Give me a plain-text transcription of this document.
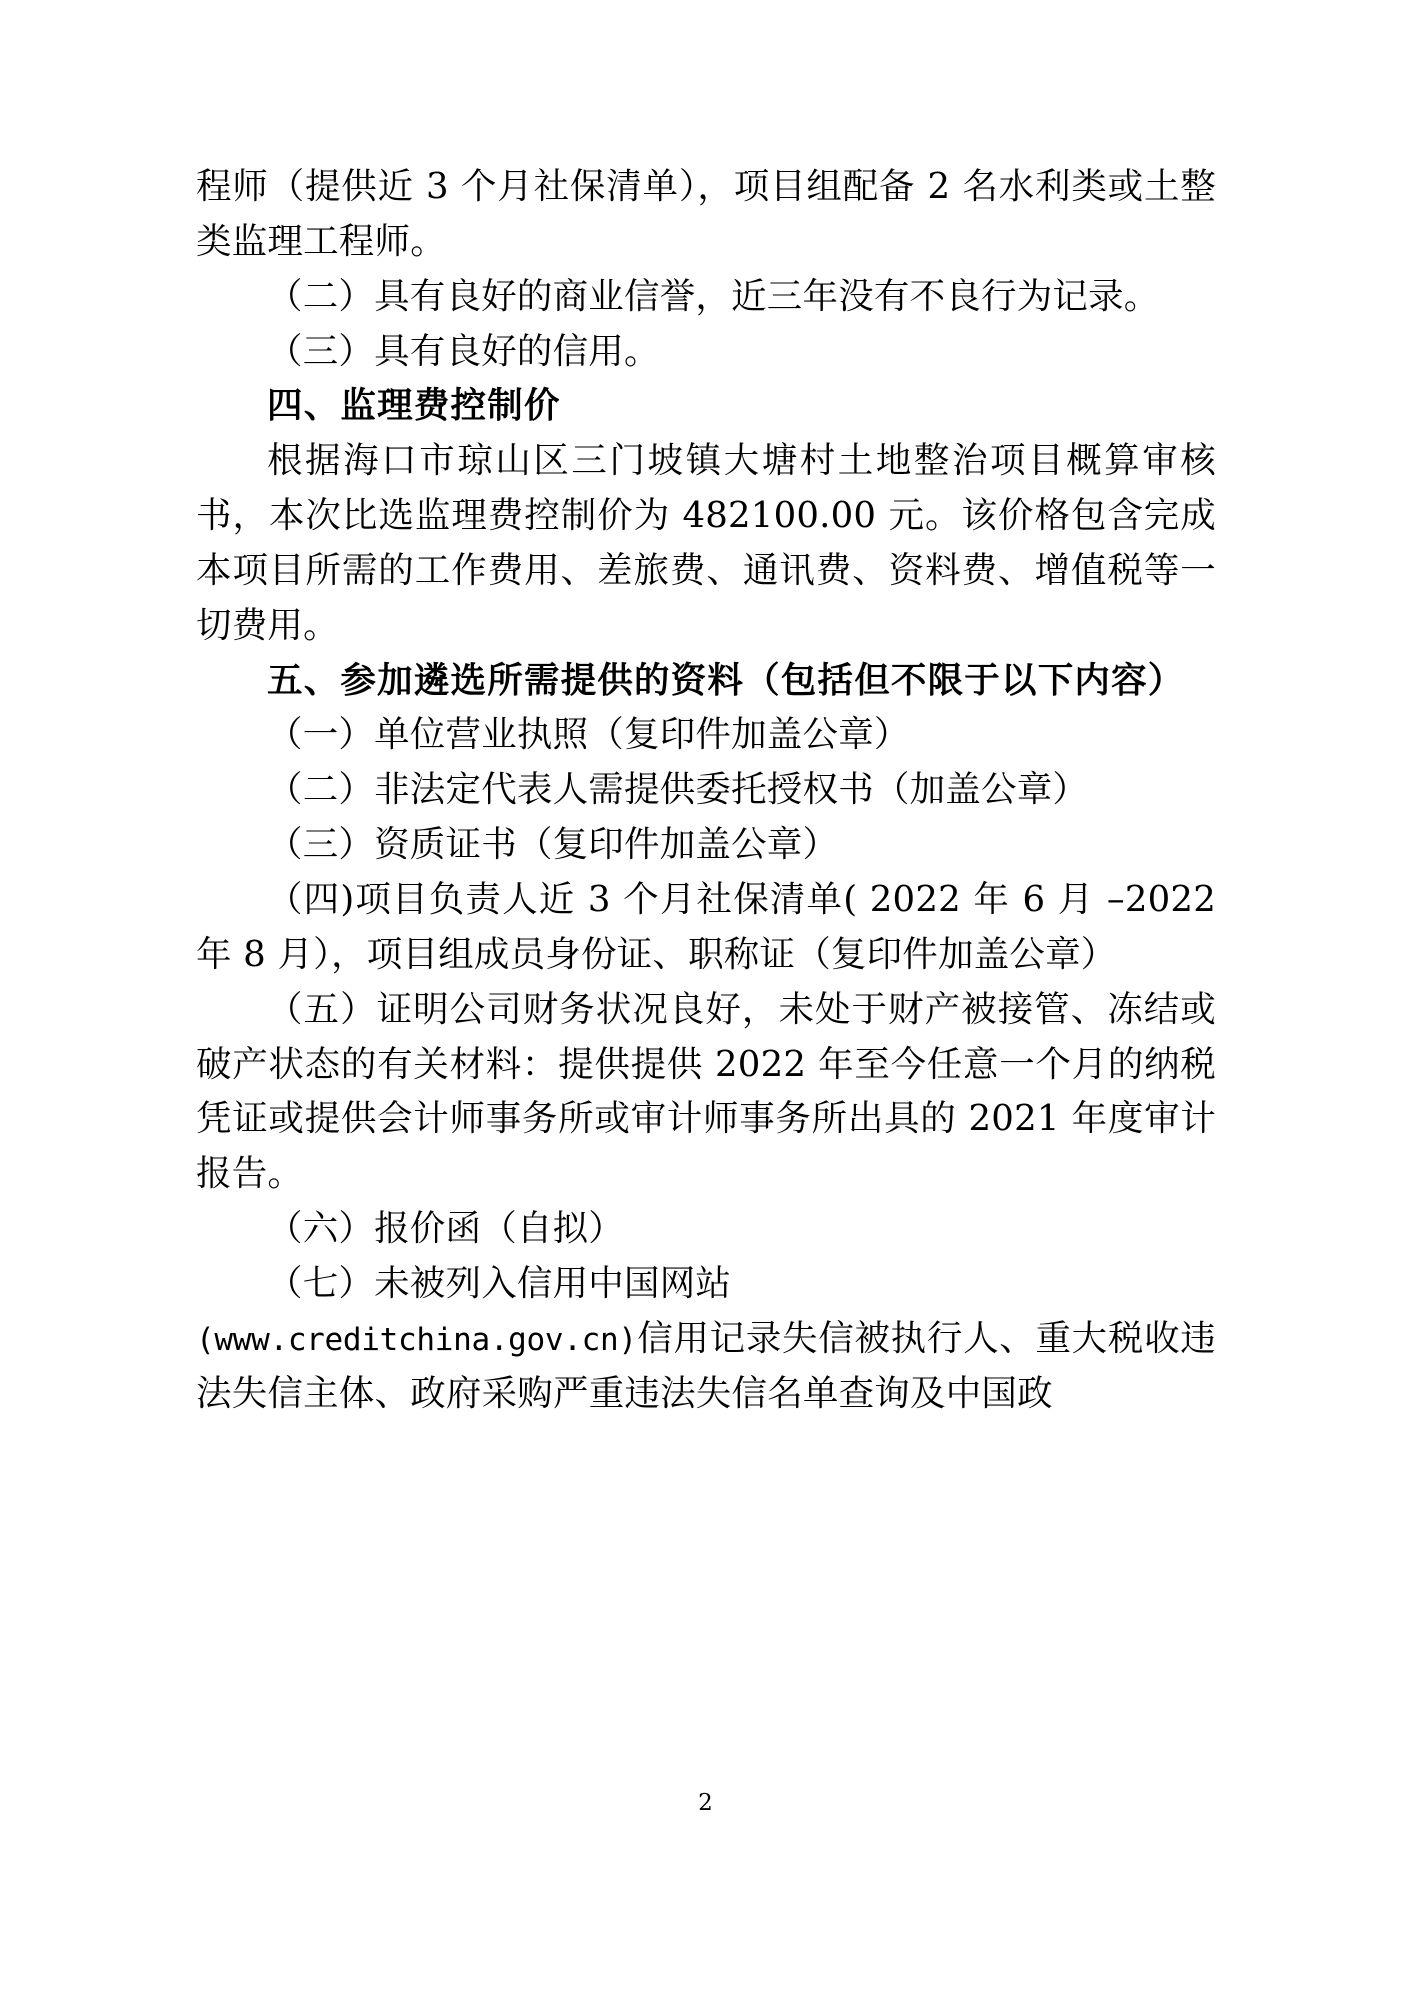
程师（提供近 3 个月社保清单），项目组配备 2 名水利类或土整类监理工程师。

（二）具有良好的商业信誉，近三年没有不良行为记录。

（三）具有良好的信用。

四、监理费控制价

根据海口市琼山区三门坡镇大塘村土地整治项目概算审核书，本次比选监理费控制价为 482100.00 元。该价格包含完成本项目所需的工作费用、差旅费、通讯费、资料费、增值税等一切费用。

五、参加遴选所需提供的资料（包括但不限于以下内容）

（一）单位营业执照（复印件加盖公章）

（二）非法定代表人需提供委托授权书（加盖公章）

（三）资质证书（复印件加盖公章）

（四)项目负责人近 3 个月社保清单( 2022 年 6 月 –2022 年 8 月），项目组成员身份证、职称证（复印件加盖公章）

（五）证明公司财务状况良好，未处于财产被接管、冻结或破产状态的有关材料：提供提供 2022 年至今任意一个月的纳税凭证或提供会计师事务所或审计师事务所出具的 2021 年度审计报告。

（六）报价函（自拟）

（七）未被列入信用中国网站

(www.creditchina.gov.cn)信用记录失信被执行人、重大税收违法失信主体、政府采购严重违法失信名单查询及中国政

2
